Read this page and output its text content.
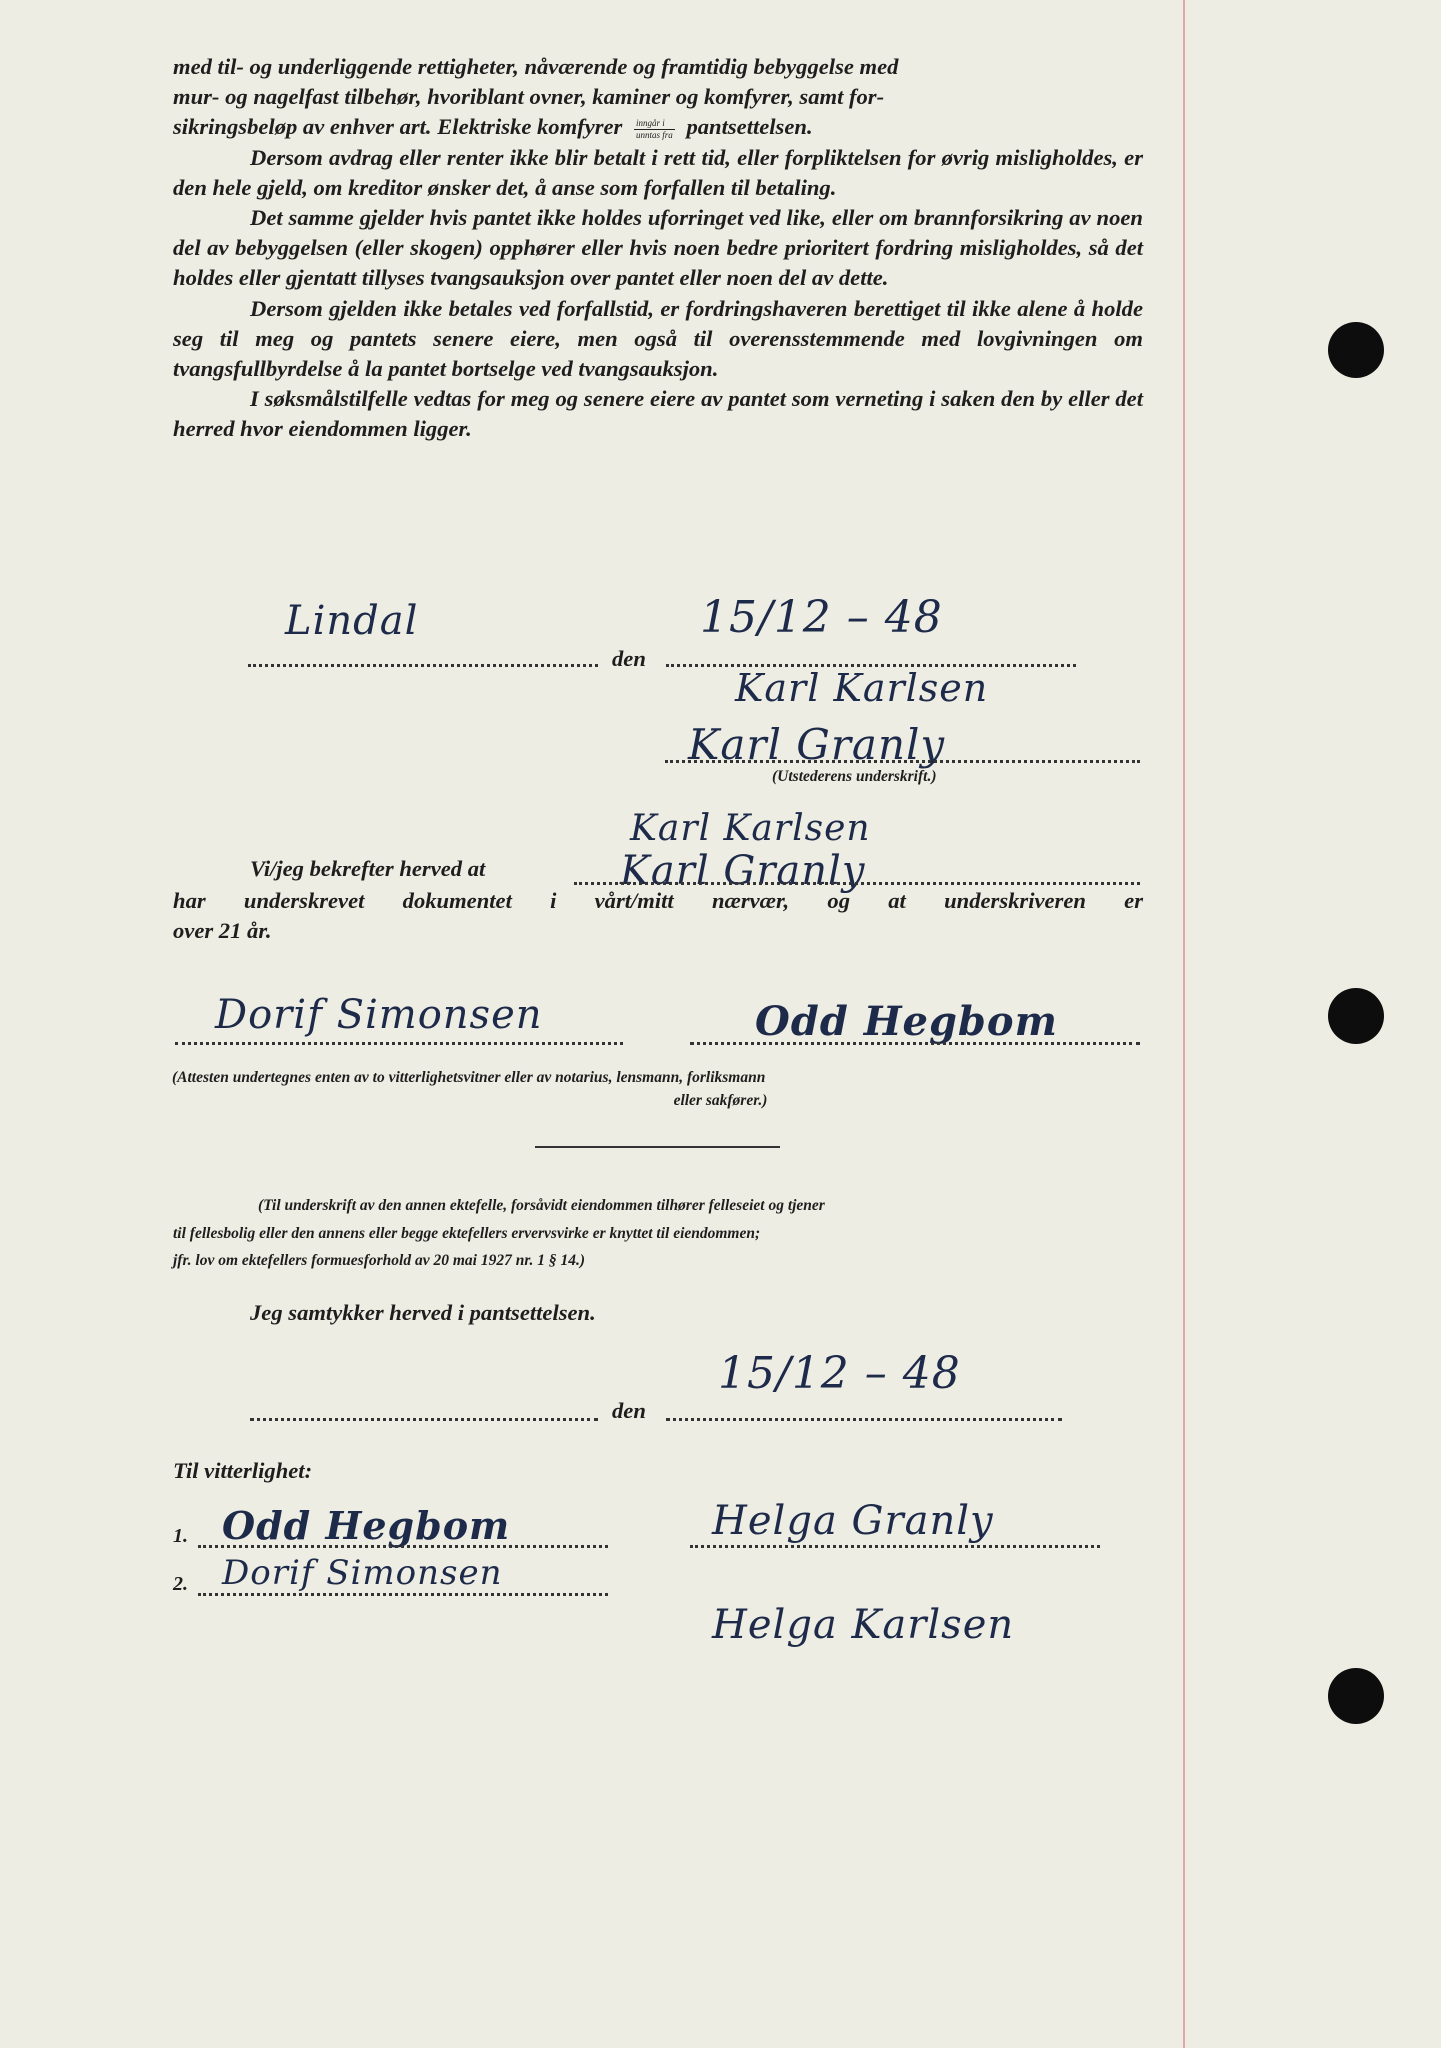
med til- og underliggende rettigheter, nåværende og framtidig bebyggelse med

mur- og nagelfast tilbehør, hvoriblant ovner, kaminer og komfyrer, samt for-

sikringsbeløp av enhver art. Elektriske komfyrer $\frac{\text{inngår i}}{\text{unntas fra}}$ pantsettelsen.

Dersom avdrag eller renter ikke blir betalt i rett tid, eller forpliktelsen for øvrig misligholdes, er den hele gjeld, om kreditor ønsker det, å anse som forfallen til betaling.

Det samme gjelder hvis pantet ikke holdes uforringet ved like, eller om brannforsikring av noen del av bebyggelsen (eller skogen) opphører eller hvis noen bedre prioritert fordring misligholdes, så det holdes eller gjentatt tillyses tvangsauksjon over pantet eller noen del av dette.

Dersom gjelden ikke betales ved forfallstid, er fordringshaveren berettiget til ikke alene å holde seg til meg og pantets senere eiere, men også til overensstemmende med lovgivningen om tvangsfullbyrdelse å la pantet bortselge ved tvangsauksjon.

I søksmålstilfelle vedtas for meg og senere eiere av pantet som verneting i saken den by eller det herred hvor eiendommen ligger.

Lindal	15/12 – 48
den
Karl Karlsen
Karl Granly
(Utstederens underskrift.)
Karl Karlsen
Karl Granly
Vi/jeg bekrefter herved at
har underskrevet dokumentet i vårt/mitt nærvær, og at underskriveren er
over 21 år.
Dorif Simonsen	Odd Hegbom
(Attesten undertegnes enten av to vitterlighetsvitner eller av notarius, lensmann, forliksmann
eller sakfører.)
(Til underskrift av den annen ektefelle, forsåvidt eiendommen tilhører felleseiet og tjener
til fellesbolig eller den annens eller begge ektefellers ervervsvirke er knyttet til eiendommen;
jfr. lov om ektefellers formuesforhold av 20 mai 1927 nr. 1 § 14.)
Jeg samtykker herved i pantsettelsen.
15/12 – 48
den
Til vitterlighet:
1.
2.
Odd Hegbom
Dorif Simonsen
Helga Granly
Helga Karlsen
